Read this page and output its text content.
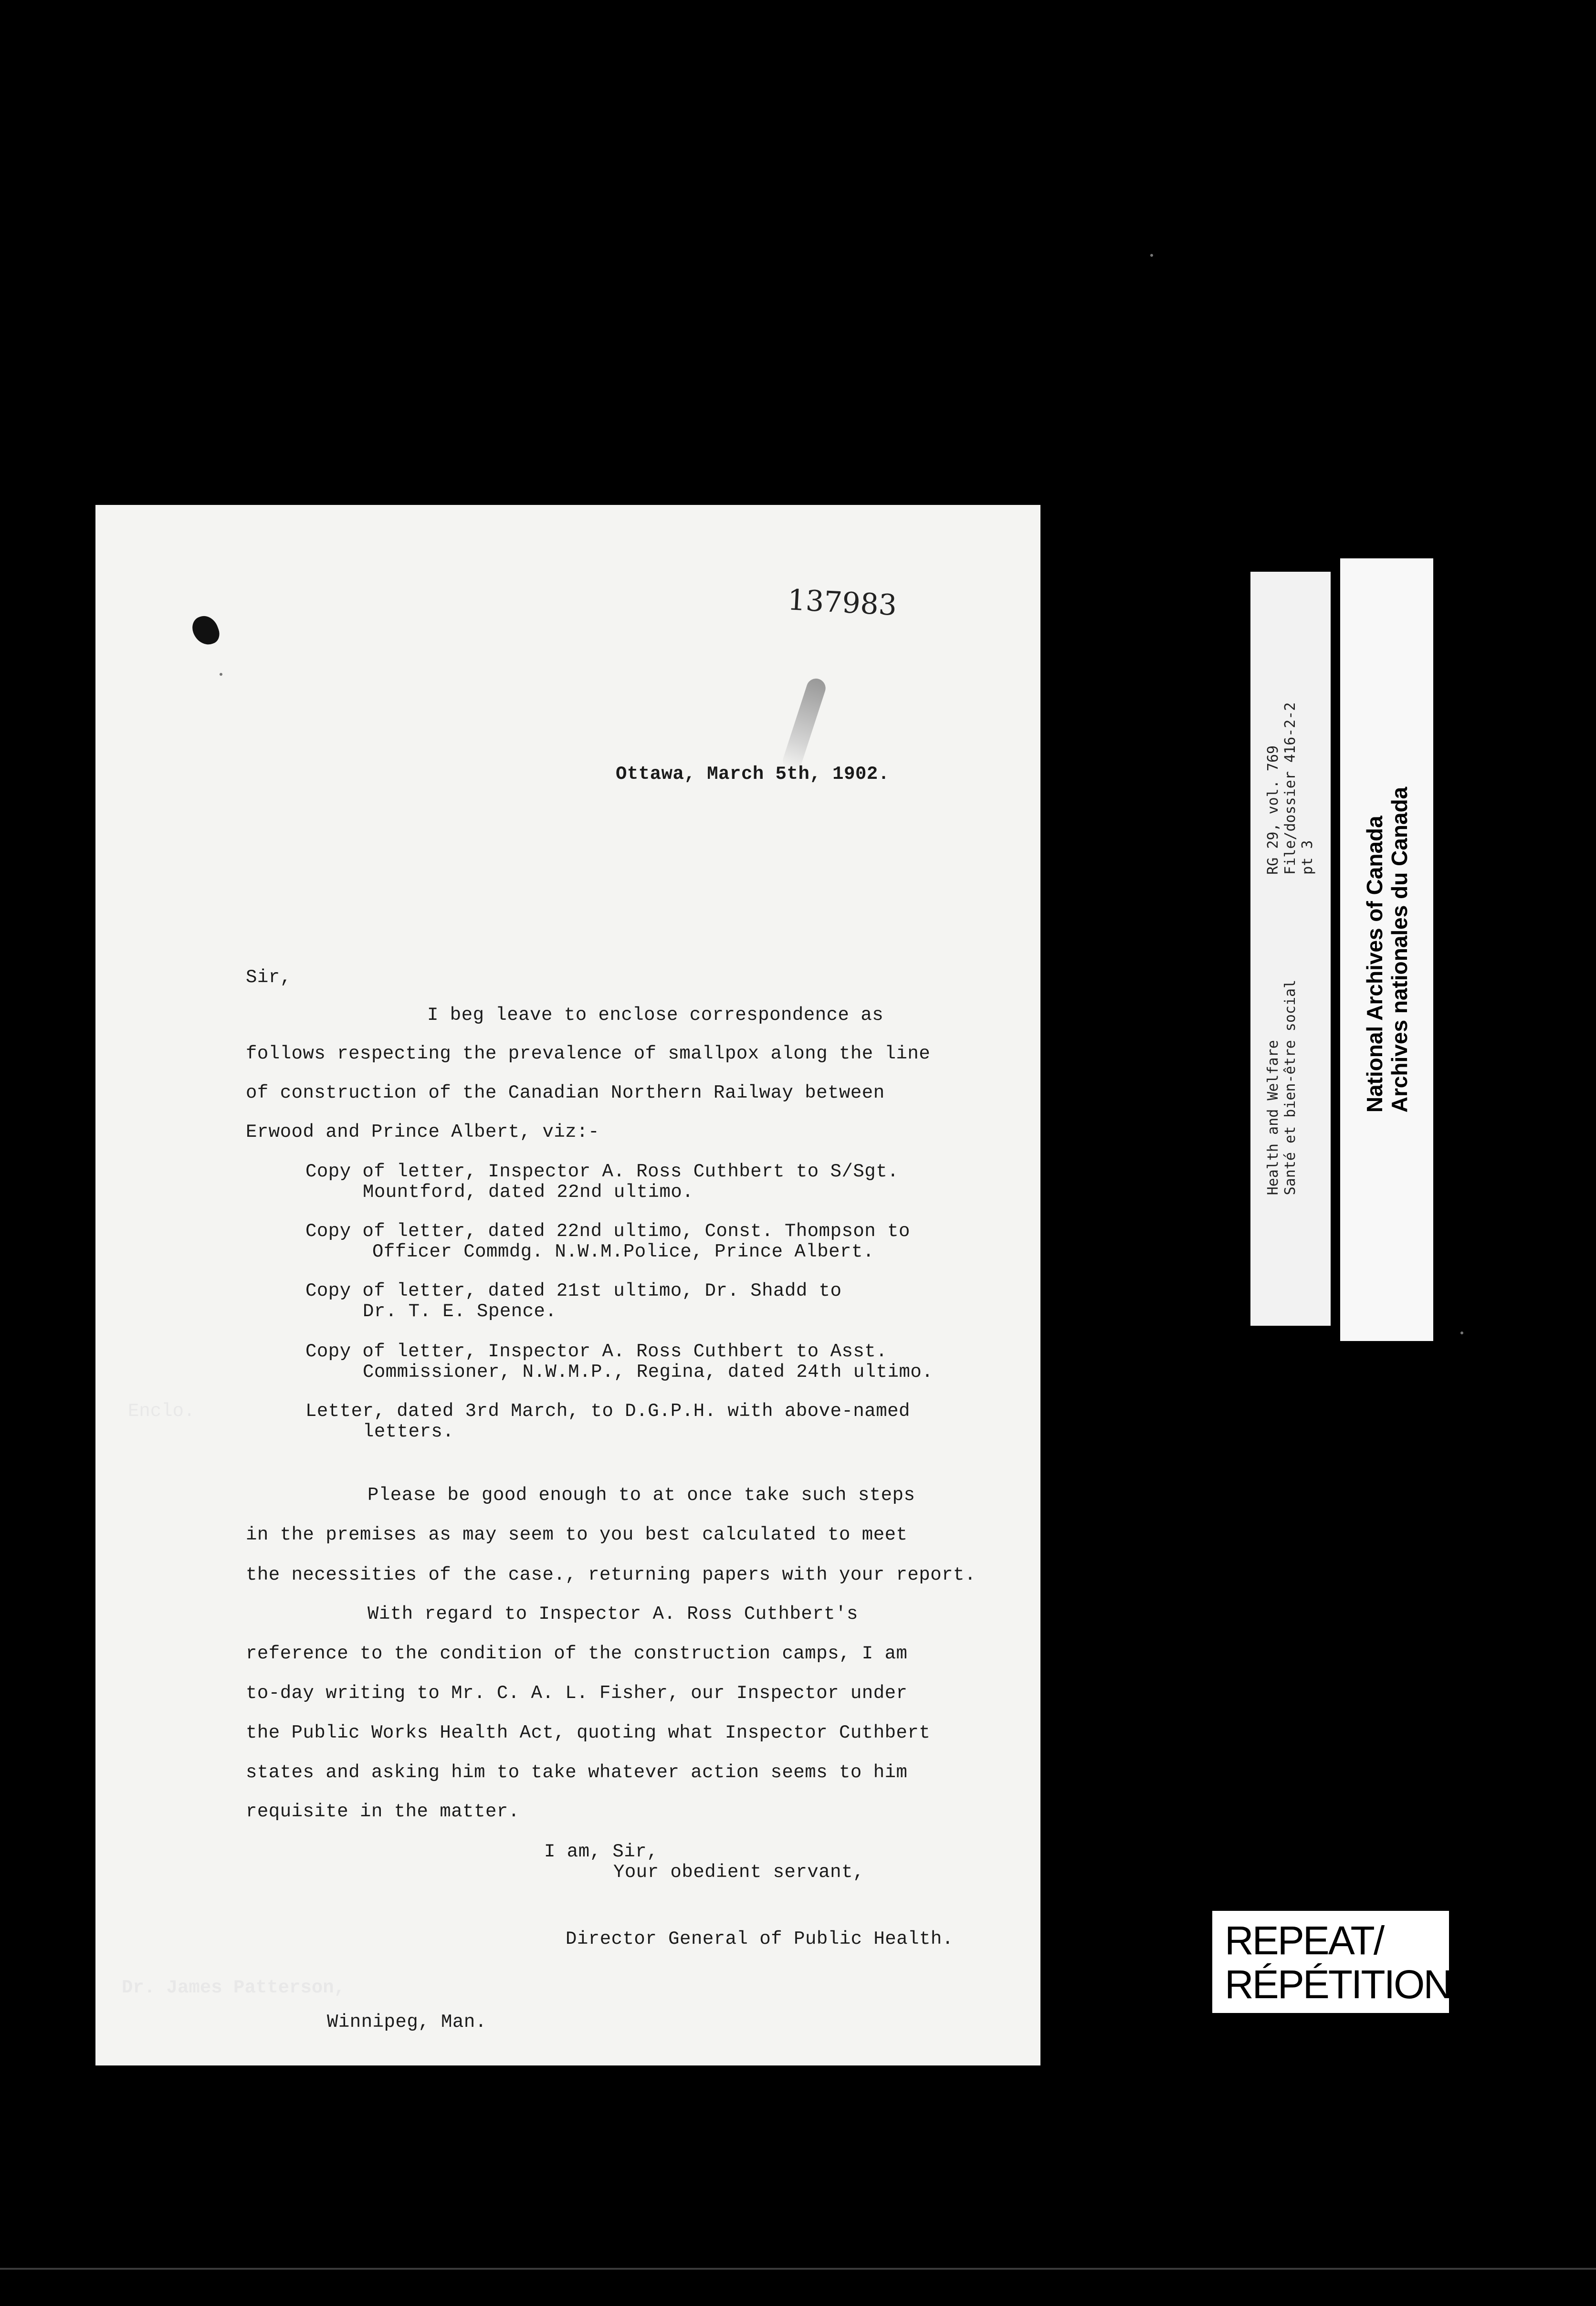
137983
Ottawa, March 5th, 1902.
Sir,
I beg leave to enclose correspondence as
follows respecting the prevalence of smallpox along the line
of construction of the Canadian Northern Railway between
Erwood and Prince Albert, viz:-
Copy of letter, Inspector A. Ross Cuthbert to S/Sgt.
Mountford, dated 22nd ultimo.
Copy of letter, dated 22nd ultimo, Const. Thompson to
Officer Commdg. N.W.M.Police, Prince Albert.
Copy of letter, dated 21st ultimo, Dr. Shadd to
Dr. T. E. Spence.
Copy of letter, Inspector A. Ross Cuthbert to Asst.
Commissioner, N.W.M.P., Regina, dated 24th ultimo.
Letter, dated 3rd March, to D.G.P.H. with above-named
letters.
Please be good enough to at once take such steps
in the premises as may seem to you best calculated to meet
the necessities of the case., returning papers with your report.
With regard to Inspector A. Ross Cuthbert's
reference to the condition of the construction camps, I am
to-day writing to Mr. C. A. L. Fisher, our Inspector under
the Public Works Health Act, quoting what Inspector Cuthbert
states and asking him to take whatever action seems to him
requisite in the matter.
I am, Sir,
Your obedient servant,
Director General of Public Health.
Winnipeg, Man.
Enclo.
Dr. James Patterson,
Health and Welfare Santé et bien-être social
RG 29, vol. 769 File/dossier 416-2-2 pt 3 National Archives of Canada Archives nationales du Canada
REPEAT/
RÉPÉTITION
